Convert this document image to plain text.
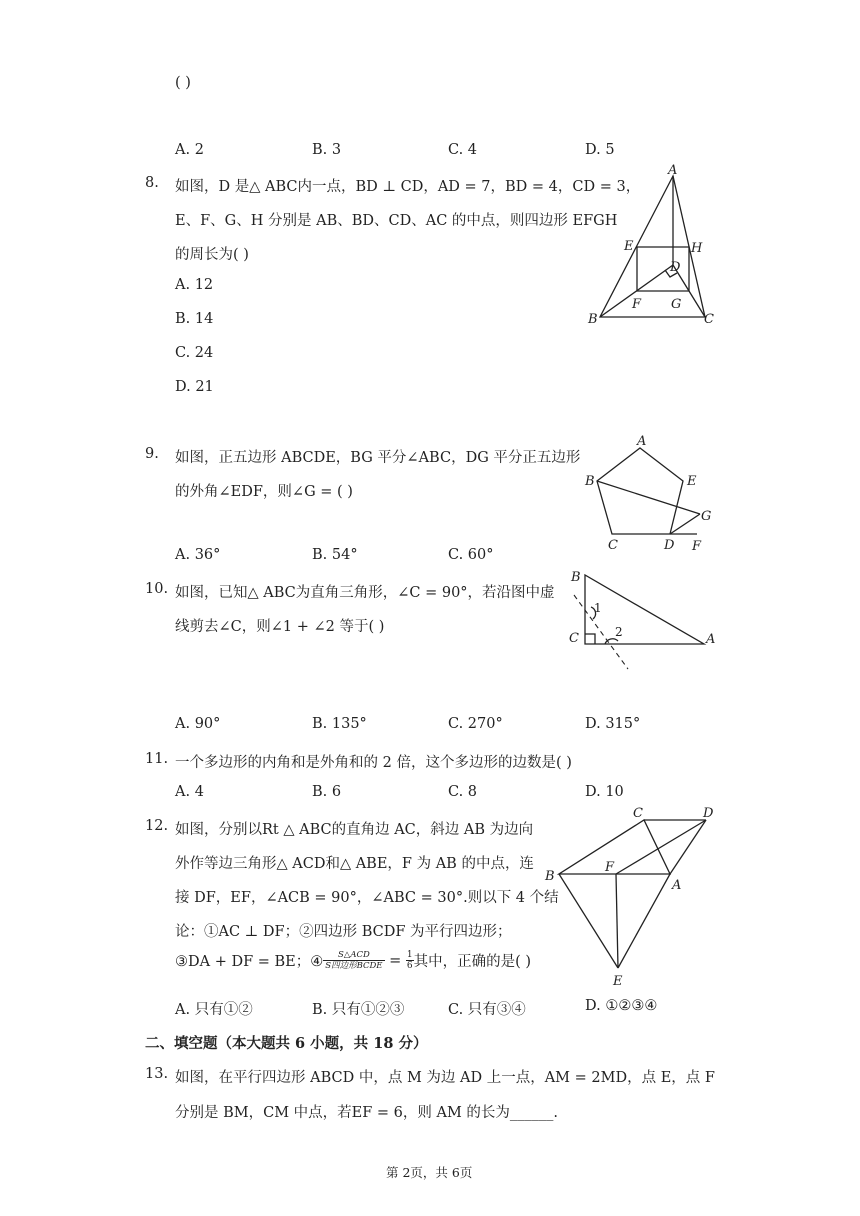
( )
A. 2	B. 3	C. 4	D. 5
8. 如图，D 是△ ABC内一点，BD ⊥ CD，AD = 7，BD = 4，CD = 3，
E、F、G、H 分别是 AB、BD、CD、AC 的中点，则四边形 EFGH
的周长为( )
A. 12
B. 14
C. 24
D. 21
A
B	C
D
E
F G
H
9. 如图，正五边形 ABCDE，BG 平分∠ABC，DG 平分正五边形
的外角∠EDF，则∠G = ( )
A. 36°	B. 54°	C. 60°
A
B
C	D
E
F
G
10. 如图，已知△ ABC为直角三角形，∠C = 90°，若沿图中虚
线剪去∠C，则∠1 + ∠2 等于( )
A. 90°	B. 135°	C. 270°	D. 315°
B
C	A
1
2
11. 一个多边形的内角和是外角和的 2 倍，这个多边形的边数是( )
A. 4	B. 6	C. 8	D. 10
12. 如图，分别以Rt △ ABC的直角边 AC，斜边 AB 为边向
外作等边三角形△ ACD和△ ABE，F 为 AB 的中点，连
接 DF，EF，∠ACB = 90°，∠ABC = 30°.则以下 4 个结
论：①AC ⊥ DF；②四边形 BCDF 为平行四边形；
③DA + DF = BE；④ $\frac{\text{S△ACD}}{\text{S四边形BCDE}} = \frac{1}{6}$ 其中，正确的是( )
A. 只有①②	B. 只有①②③	C. 只有③④	D. ①②③④
B
C	D
F
A
E
二、填空题（本大题共 6 小题，共 18 分）
13. 如图，在平行四边形 ABCD 中，点 M 为边 AD 上一点，AM = 2MD，点 E，点 F
分别是 BM，CM 中点，若EF = 6，则 AM 的长为______.
第 2页，共 6页
